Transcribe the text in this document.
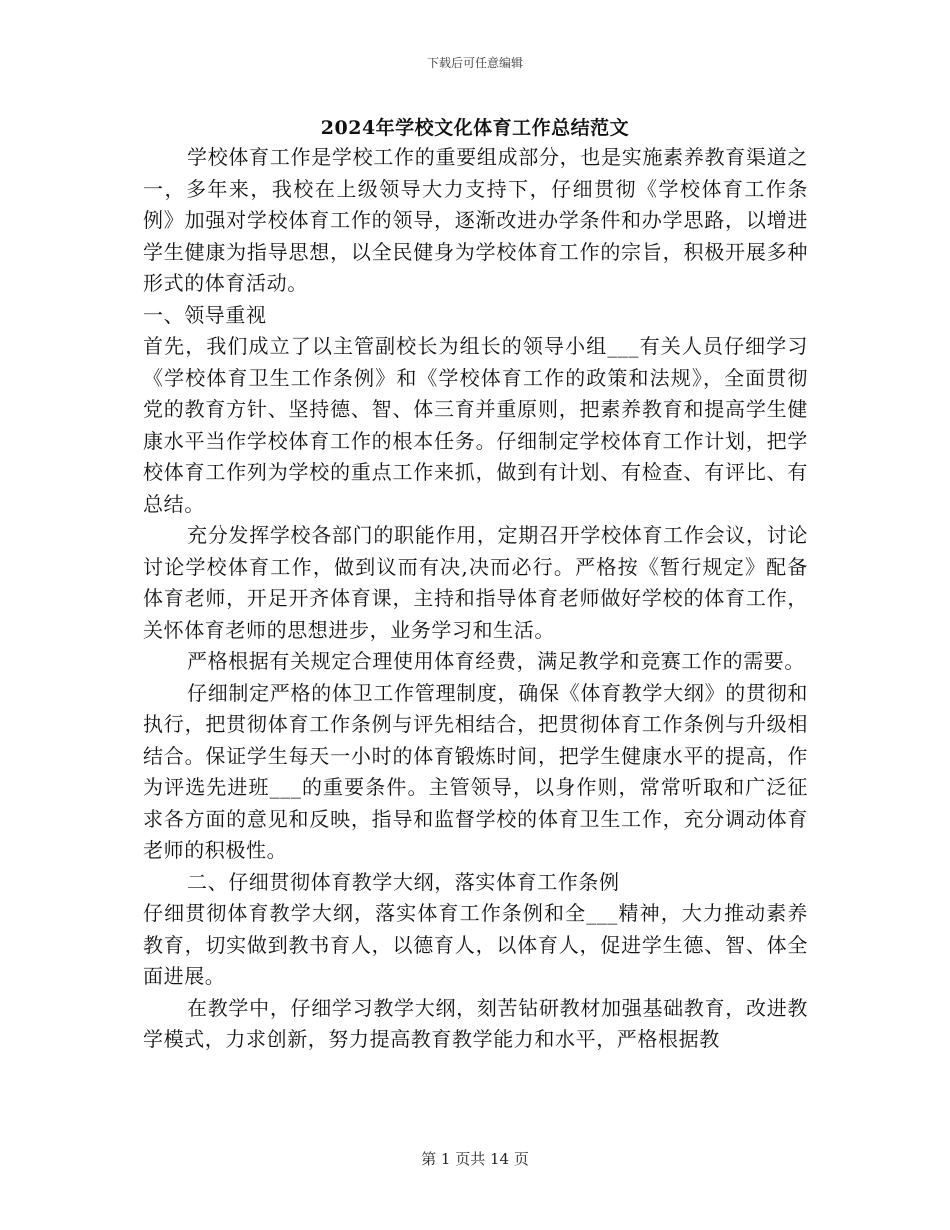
下载后可任意编辑
2024年学校文化体育工作总结范文

学校体育工作是学校工作的重要组成部分，也是实施素养教育渠道之一，多年来，我校在上级领导大力支持下，仔细贯彻《学校体育工作条例》加强对学校体育工作的领导，逐渐改进办学条件和办学思路，以增进学生健康为指导思想，以全民健身为学校体育工作的宗旨，积极开展多种形式的体育活动。

一、领导重视

首先，我们成立了以主管副校长为组长的领导小组___有关人员仔细学习《学校体育卫生工作条例》和《学校体育工作的政策和法规》，全面贯彻党的教育方针、坚持德、智、体三育并重原则，把素养教育和提高学生健康水平当作学校体育工作的根本任务。仔细制定学校体育工作计划，把学校体育工作列为学校的重点工作来抓，做到有计划、有检查、有评比、有总结。

充分发挥学校各部门的职能作用，定期召开学校体育工作会议，讨论讨论学校体育工作，做到议而有决,决而必行。严格按《暂行规定》配备体育老师，开足开齐体育课，主持和指导体育老师做好学校的体育工作，关怀体育老师的思想进步，业务学习和生活。

严格根据有关规定合理使用体育经费，满足教学和竞赛工作的需要。

仔细制定严格的体卫工作管理制度，确保《体育教学大纲》的贯彻和执行，把贯彻体育工作条例与评先相结合，把贯彻体育工作条例与升级相结合。保证学生每天一小时的体育锻炼时间，把学生健康水平的提高，作为评选先进班___的重要条件。主管领导，以身作则，常常听取和广泛征求各方面的意见和反映，指导和监督学校的体育卫生工作，充分调动体育老师的积极性。

二、仔细贯彻体育教学大纲，落实体育工作条例

仔细贯彻体育教学大纲，落实体育工作条例和全___精神，大力推动素养教育，切实做到教书育人，以德育人，以体育人，促进学生德、智、体全面进展。

在教学中，仔细学习教学大纲，刻苦钻研教材加强基础教育，改进教学模式，力求创新，努力提高教育教学能力和水平，严格根据教

第 1 页共 14 页
